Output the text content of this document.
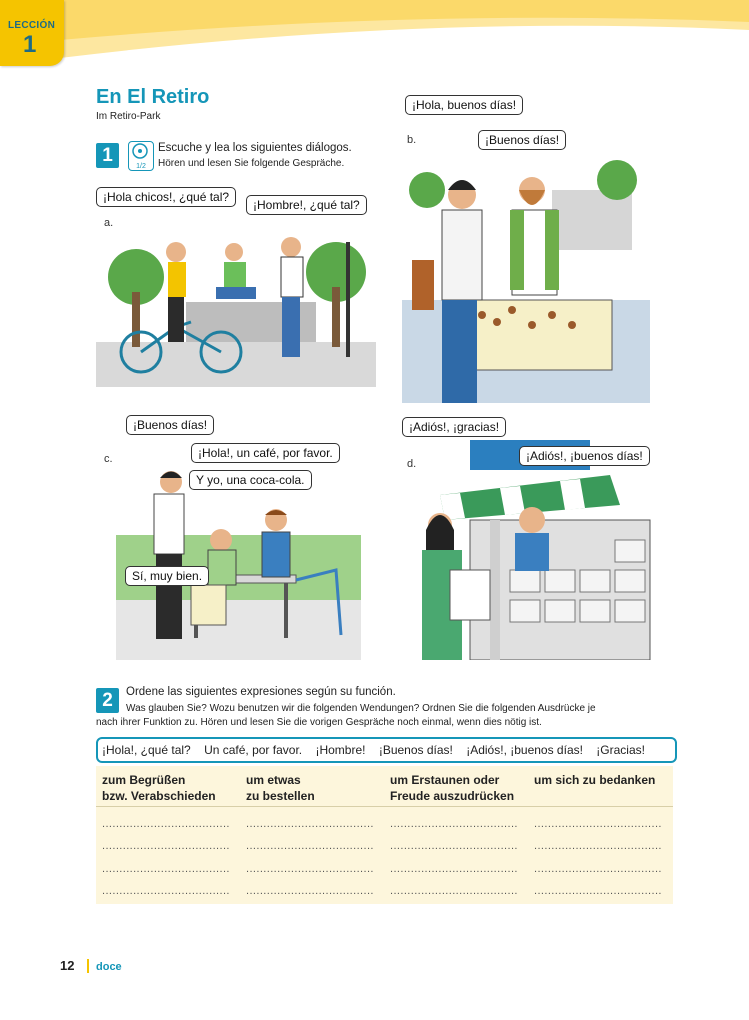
LECCIÓN
1
En El Retiro
Im Retiro-Park
1
1/2
Escuche y lea los siguientes diálogos.
Hören und lesen Sie folgende Gespräche.
a.
¡Hola chicos!, ¿qué tal?
¡Hombre!, ¿qué tal?
b.
¡Hola, buenos días!
¡Buenos días!
c.
¡Buenos días!
¡Hola!, un café, por favor.
Y yo, una coca-cola.
Sí, muy bien.
d.
¡Adiós!, ¡gracias!
¡Adiós!, ¡buenos días!
2	Ordene las siguientes expresiones según su función.
Was glauben Sie? Wozu benutzen wir die folgenden Wendungen? Ordnen Sie die folgenden Ausdrücke je
nach ihrer Funktion zu. Hören und lesen Sie die vorigen Gespräche noch einmal, wenn dies nötig ist.
¡Hola!, ¿qué tal? Un café, por favor. ¡Hombre! ¡Buenos días! ¡Adiós!, ¡buenos días! ¡Gracias!
zum Begrüßen
bzw. Verabschieden
um etwas
zu bestellen
um Erstaunen oder
Freude auszudrücken
um sich zu bedanken

..................................... ..................................... ..................................... .....................................
..................................... ..................................... ..................................... .....................................
..................................... ..................................... ..................................... .....................................
..................................... ..................................... ..................................... .....................................
12 doce
